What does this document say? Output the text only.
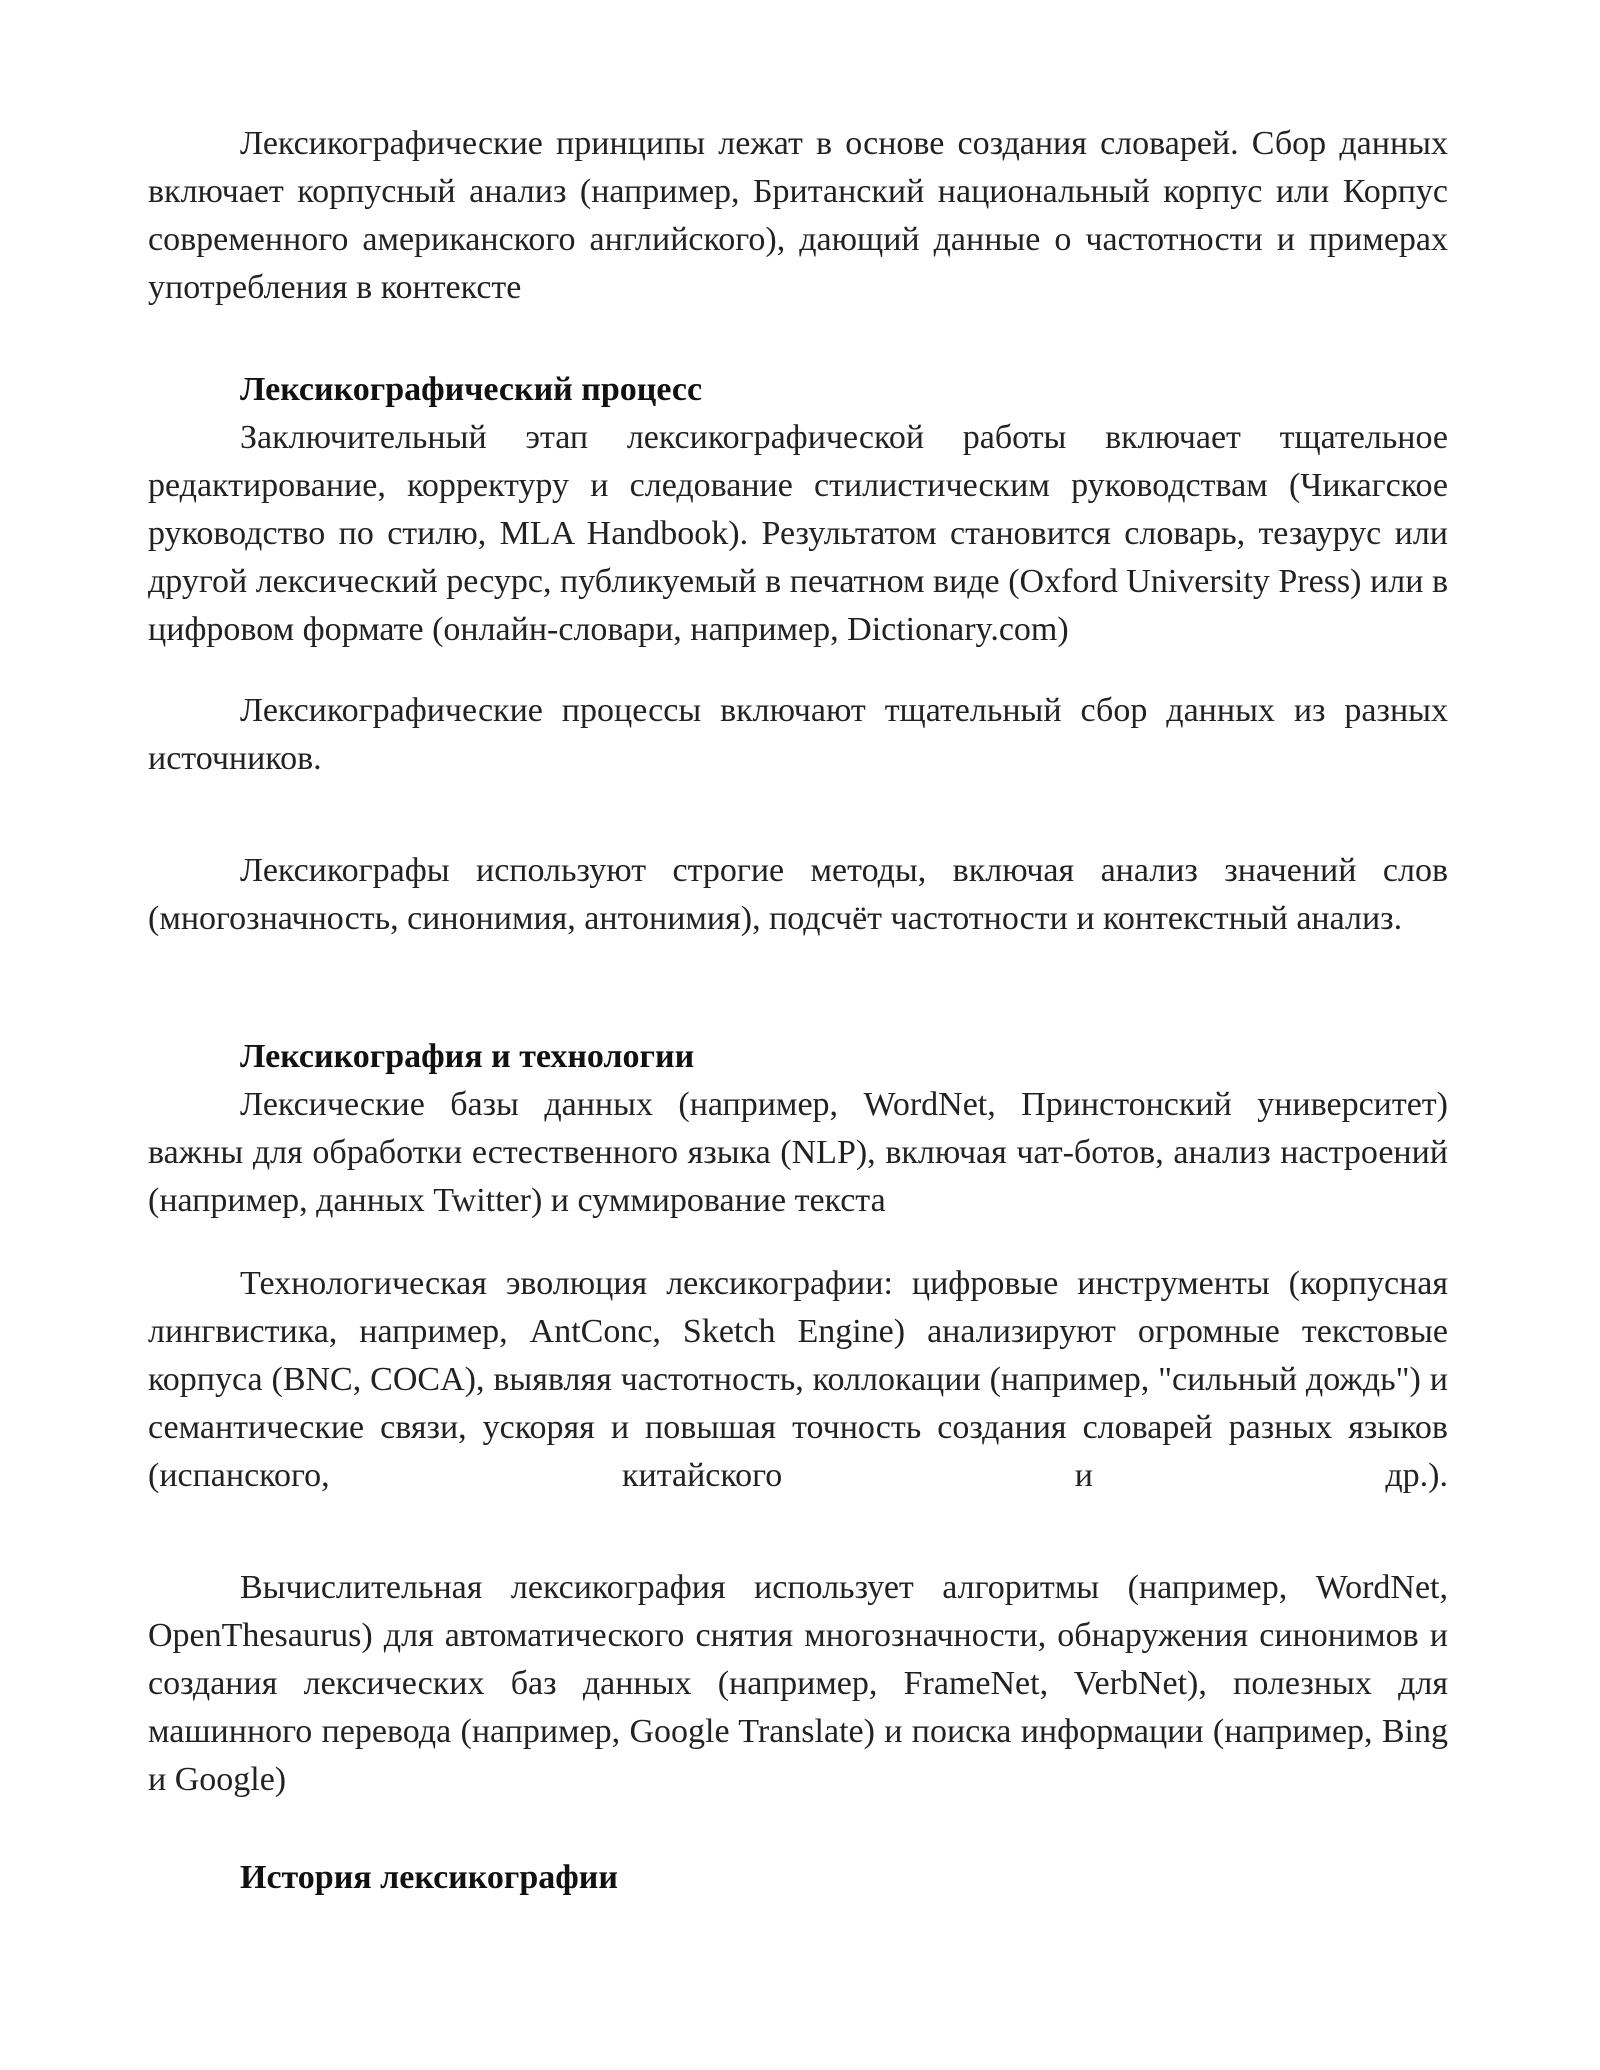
Лексикографические принципы лежат в основе создания словарей. Сбор данных включает корпусный анализ (например, Британский национальный корпус или Корпус современного американского английского), дающий данные о частотности и примерах употребления в контексте

Лексикографический процесс

Заключительный этап лексикографической работы включает тщательное редактирование, корректуру и следование стилистическим руководствам (Чикагское руководство по стилю, MLA Handbook). Результатом становится словарь, тезаурус или другой лексический ресурс, публикуемый в печатном виде (Oxford University Press) или в цифровом формате (онлайн-словари, например, Dictionary.com)

Лексикографические процессы включают тщательный сбор данных из разных источников.

Лексикографы используют строгие методы, включая анализ значений слов (многозначность, синонимия, антонимия), подсчёт частотности и контекстный анализ.

Лексикография и технологии

Лексические базы данных (например, WordNet, Принстонский университет) важны для обработки естественного языка (NLP), включая чат-ботов, анализ настроений (например, данных Twitter) и суммирование текста

Технологическая эволюция лексикографии: цифровые инструменты (корпусная лингвистика, например, AntConc, Sketch Engine) анализируют огромные текстовые корпуса (BNC, COCA), выявляя частотность, коллокации (например, "сильный дождь") и семантические связи, ускоряя и повышая точность создания словарей разных языков (испанского, китайского и др.).

Вычислительная лексикография использует алгоритмы (например, WordNet, OpenThesaurus) для автоматического снятия многозначности, обнаружения синонимов и создания лексических баз данных (например, FrameNet, VerbNet), полезных для машинного перевода (например, Google Translate) и поиска информации (например, Bing и Google)

История лексикографии
